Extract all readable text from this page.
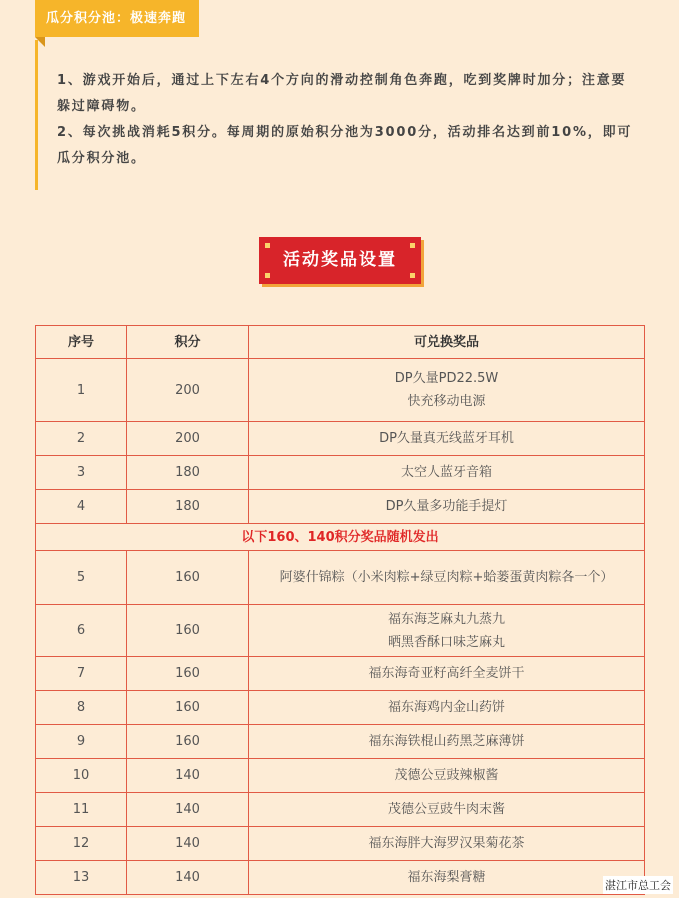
瓜分积分池：极速奔跑

1、游戏开始后，通过上下左右4个方向的滑动控制角色奔跑，吃到奖牌时加分；注意要躲过障碍物。

2、每次挑战消耗5积分。每周期的原始积分池为3000分，活动排名达到前10%，即可瓜分积分池。

活动奖品设置
序号	积分	可兑换奖品
1	200	DP久量PD22.5W
快充移动电源
2	200	DP久量真无线蓝牙耳机
3	180	太空人蓝牙音箱
4	180	DP久量多功能手提灯
以下160、140积分奖品随机发出		
5	160	阿婆什锦粽（小米肉粽+绿豆肉粽+蛤蒌蛋黄肉粽各一个）
6	160	福东海芝麻丸九蒸九
晒黑香酥口味芝麻丸
7	160	福东海奇亚籽高纤全麦饼干
8	160	福东海鸡内金山药饼
9	160	福东海铁棍山药黑芝麻薄饼
10	140	茂德公豆豉辣椒酱
11	140	茂德公豆豉牛肉末酱
12	140	福东海胖大海罗汉果菊花茶
13	140	福东海梨膏糖
湛江市总工会
